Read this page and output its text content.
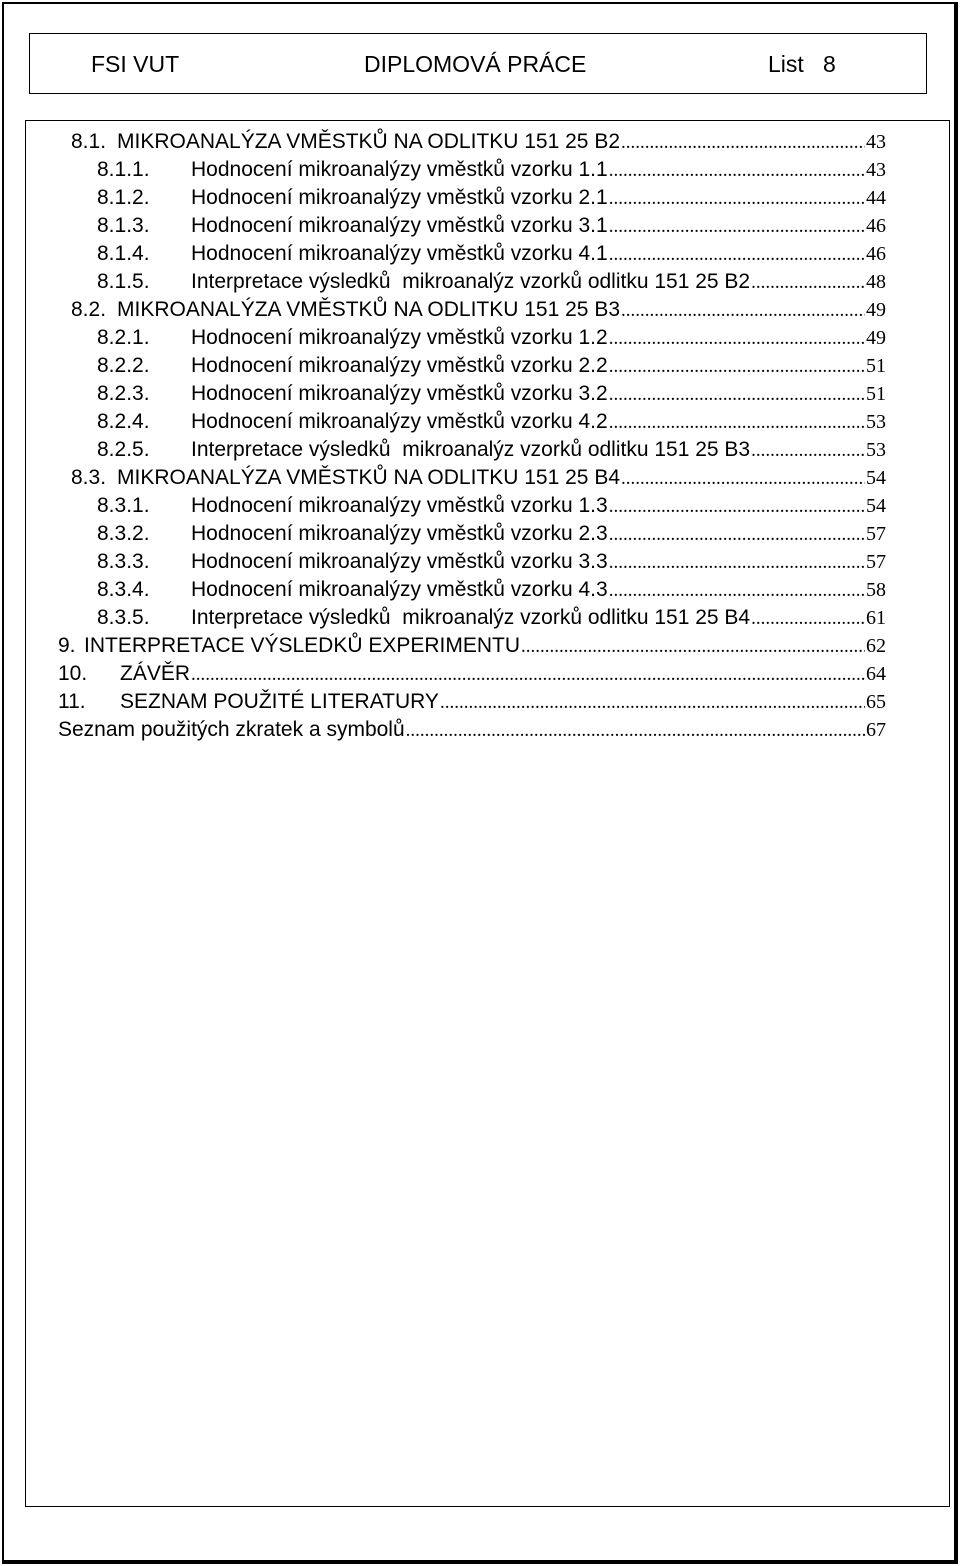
FSI VUT	DIPLOMOVÁ PRÁCE	List   8
8.1. MIKROANALÝZA VMĚSTKŮ NA ODLITKU 151 25 B2 .....	43
8.1.1.	Hodnocení mikroanalýzy vměstků vzorku 1.1 .....	43
8.1.2.	Hodnocení mikroanalýzy vměstků vzorku 2.1 .....	44
8.1.3.	Hodnocení mikroanalýzy vměstků vzorku 3.1 .....	46
8.1.4.	Hodnocení mikroanalýzy vměstků vzorku 4.1 .....	46
8.1.5.	Interpretace výsledků  mikroanalýz vzorků odlitku 151 25 B2 .....	48
8.2. MIKROANALÝZA VMĚSTKŮ NA ODLITKU 151 25 B3 .....	49
8.2.1.	Hodnocení mikroanalýzy vměstků vzorku 1.2 .....	49
8.2.2.	Hodnocení mikroanalýzy vměstků vzorku 2.2 .....	51
8.2.3.	Hodnocení mikroanalýzy vměstků vzorku 3.2 .....	51
8.2.4.	Hodnocení mikroanalýzy vměstků vzorku 4.2 .....	53
8.2.5.	Interpretace výsledků  mikroanalýz vzorků odlitku 151 25 B3 .....	53
8.3. MIKROANALÝZA VMĚSTKŮ NA ODLITKU 151 25 B4 .....	54
8.3.1.	Hodnocení mikroanalýzy vměstků vzorku 1.3 .....	54
8.3.2.	Hodnocení mikroanalýzy vměstků vzorku 2.3 .....	57
8.3.3.	Hodnocení mikroanalýzy vměstků vzorku 3.3 .....	57
8.3.4.	Hodnocení mikroanalýzy vměstků vzorku 4.3 .....	58
8.3.5.	Interpretace výsledků  mikroanalýz vzorků odlitku 151 25 B4 .....	61
9. INTERPRETACE VÝSLEDKŮ EXPERIMENTU .....	62
10.	ZÁVĚR .....	64
11.	SEZNAM POUŽITÉ LITERATURY .....	65
Seznam použitých zkratek a symbolů .....	67
